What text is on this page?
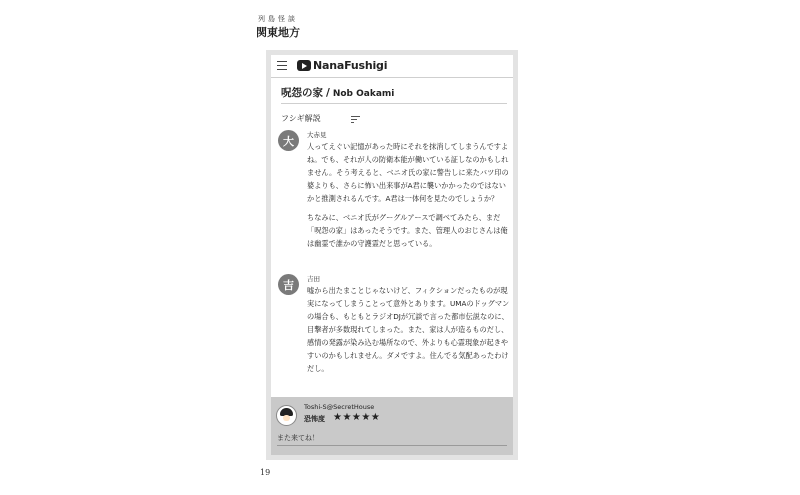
列島怪談
関東地方
NanaFushigi
呪怨の家 / Nob Oakami
フシギ解説
大	大赤見

人ってえぐい記憶があった時にそれを抹消してしまうんですよね。でも、それが人の防衛本能が働いている証しなのかもしれません。そう考えると、ベニオ氏の家に警告しに来たバツ印の婆よりも、さらに怖い出来事がA君に襲いかかったのではないかと推測されるんです。A君は一体何を見たのでしょうか？

ちなみに、ベニオ氏がグーグルアースで調べてみたら、まだ「呪怨の家」はあったそうです。また、管理人のおじさんは俺は幽霊で誰かの守護霊だと思っている。

吉	吉田

嘘から出たまことじゃないけど、フィクションだったものが現実になってしまうことって意外とあります。UMAのドッグマンの場合も、もともとラジオDJが冗談で言った都市伝説なのに、目撃者が多数現れてしまった。また、家は人が造るものだし、感情の発露が染み込む場所なので、外よりも心霊現象が起きやすいのかもしれません。ダメですよ。住んでる気配あったわけだし。

Toshi-S@SecretHouse
恐怖度 ★★★★★
また来てね！
19
